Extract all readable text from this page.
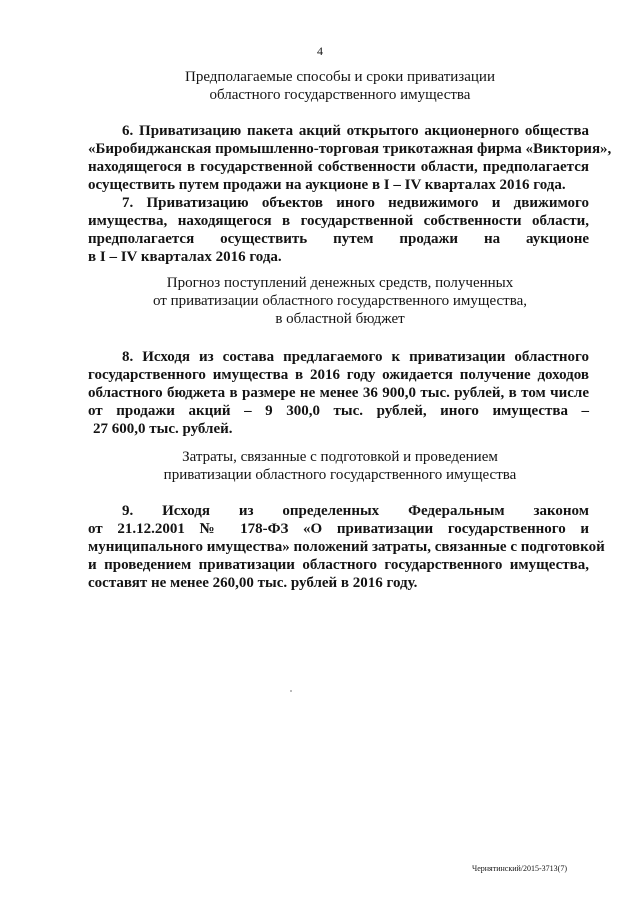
4
Предполагаемые способы и сроки приватизации
областного государственного имущества
6. Приватизацию пакета акций открытого акционерного общества
«Биробиджанская промышленно-торговая трикотажная фирма «Виктория»,
находящегося в государственной собственности области, предполагается
осуществить путем продажи на аукционе в I – IV кварталах 2016 года.
7. Приватизацию объектов иного недвижимого и движимого
имущества, находящегося в государственной собственности области,
предполагается осуществить путем продажи на аукционе
в I – IV кварталах 2016 года.
Прогноз поступлений денежных средств, полученных
от приватизации областного государственного имущества,
в областной бюджет
8. Исходя из состава предлагаемого к приватизации областного
государственного имущества в 2016 году ожидается получение доходов
областного бюджета в размере не менее 36 900,0 тыс. рублей, в том числе
от продажи акций – 9 300,0 тыс. рублей, иного имущества –
27 600,0 тыс. рублей.
Затраты, связанные с подготовкой и проведением
приватизации областного государственного имущества
9. Исходя из определенных Федеральным законом
от 21.12.2001 № 178-ФЗ «О приватизации государственного и
муниципального имущества» положений затраты, связанные с подготовкой
и проведением приватизации областного государственного имущества,
составят не менее 260,00 тыс. рублей в 2016 году.
Чернятинский/2015-3713(7)
